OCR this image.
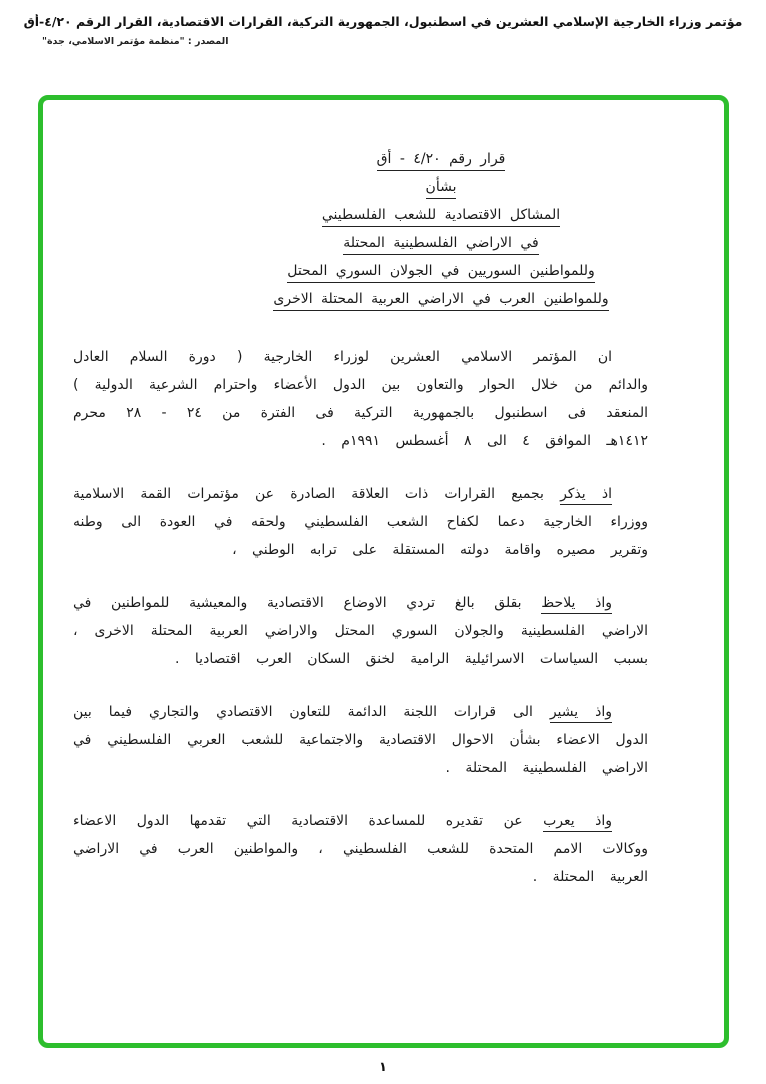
مؤتمر وزراء الخارجية الإسلامي العشرين في اسطنبول، الجمهورية التركية، القرارات الاقتصادية، القرار الرقم ٤/٢٠-أق
المصدر : "منظمة مؤتمر الاسلامي، جدة"
قرار رقم ٤/٢٠ - أق
بشأن
المشاكل الاقتصادية للشعب الفلسطيني
في الاراضي الفلسطينية المحتلة
وللمواطنين السوريين في الجولان السوري المحتل
وللمواطنين العرب في الاراضي العربية المحتلة الاخرى

ان المؤتمر الاسلامي العشرين لوزراء الخارجية ( دورة السلام العادل والدائم من خلال الحوار والتعاون بين الدول الأعضاء واحترام الشرعية الدولية ) المنعقد فى اسطنبول بالجمهورية التركية فى الفترة من ٢٤ - ٢٨ محرم ١٤١٢هـ الموافق ٤ الى ٨ أغسطس ١٩٩١م .

اذ يذكر بجميع القرارات ذات العلاقة الصادرة عن مؤتمرات القمة الاسلامية ووزراء الخارجية دعما لكفاح الشعب الفلسطيني ولحقه في العودة الى وطنه وتقرير مصيره واقامة دولته المستقلة على ترابه الوطني ،

واذ يلاحظ بقلق بالغ تردي الاوضاع الاقتصادية والمعيشية للمواطنين في الاراضي الفلسطينية والجولان السوري المحتل والاراضي العربية المحتلة الاخرى ، بسبب السياسات الاسرائيلية الرامية لخنق السكان العرب اقتصاديا .

واذ يشير الى قرارات اللجنة الدائمة للتعاون الاقتصادي والتجاري فيما بين الدول الاعضاء بشأن الاحوال الاقتصادية والاجتماعية للشعب العربي الفلسطيني في الاراضي الفلسطينية المحتلة .

واذ يعرب عن تقديره للمساعدة الاقتصادية التي تقدمها الدول الاعضاء ووكالات الامم المتحدة للشعب الفلسطيني ، والمواطنين العرب في الاراضي العربية المحتلة .

١
